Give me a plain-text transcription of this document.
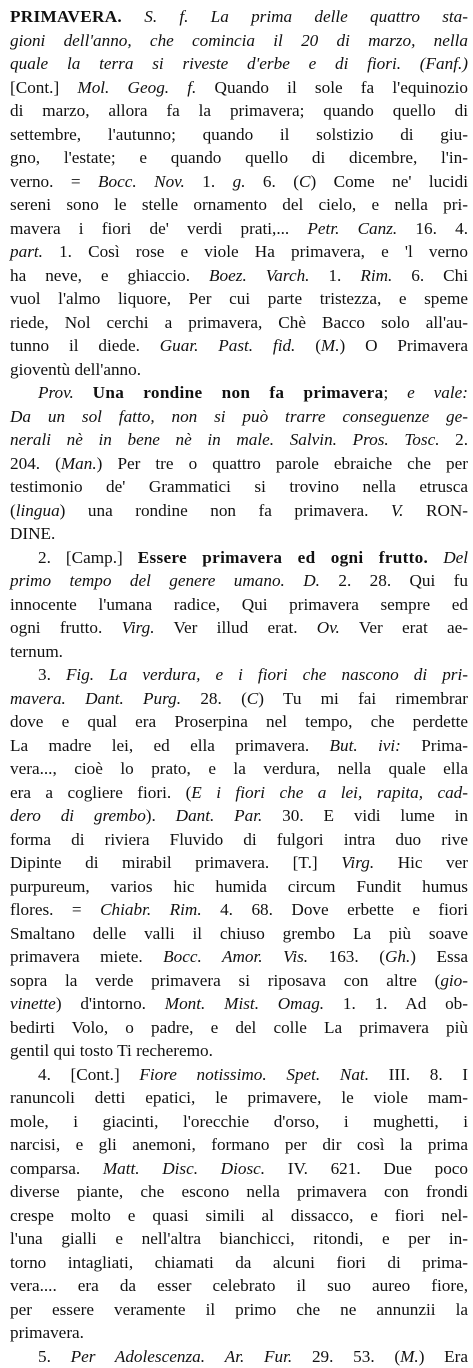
PRIMAVERA. S. f. La prima delle quattro sta-
gioni dell'anno, che comincia il 20 di marzo, nella
quale la terra si riveste d'erbe e di fiori. (Fanf.)
[Cont.] Mol. Geog. f. Quando il sole fa l'equinozio
di marzo, allora fa la primavera; quando quello di
settembre, l'autunno; quando il solstizio di giu-
gno, l'estate; e quando quello di dicembre, l'in-
verno. = Bocc. Nov. 1. g. 6. (C) Come ne' lucidi
sereni sono le stelle ornamento del cielo, e nella pri-
mavera i fiori de' verdi prati,... Petr. Canz. 16. 4.
part. 1. Così rose e viole Ha primavera, e 'l verno
ha neve, e ghiaccio. Boez. Varch. 1. Rim. 6. Chi
vuol l'almo liquore, Per cui parte tristezza, e speme
riede, Nol cerchi a primavera, Chè Bacco solo all'au-
tunno il diede. Guar. Past. fid. (M.) O Primavera
gioventù dell'anno.
Prov. Una rondine non fa primavera; e vale:
Da un sol fatto, non si può trarre conseguenze ge-
nerali nè in bene nè in male. Salvin. Pros. Tosc. 2.
204. (Man.) Per tre o quattro parole ebraiche che per
testimonio de' Grammatici si trovino nella etrusca
(lingua) una rondine non fa primavera. V. RON-
DINE.
2. [Camp.] Essere primavera ed ogni frutto. Del
primo tempo del genere umano. D. 2. 28. Qui fu
innocente l'umana radice, Qui primavera sempre ed
ogni frutto. Virg. Ver illud erat. Ov. Ver erat ae-
ternum.
3. Fig. La verdura, e i fiori che nascono di pri-
mavera. Dant. Purg. 28. (C) Tu mi fai rimembrar
dove e qual era Proserpina nel tempo, che perdette
La madre lei, ed ella primavera. But. ivi: Prima-
vera..., cioè lo prato, e la verdura, nella quale ella
era a cogliere fiori. (E i fiori che a lei, rapita, cad-
dero di grembo). Dant. Par. 30. E vidi lume in
forma di riviera Fluvido di fulgori intra duo rive
Dipinte di mirabil primavera. [T.] Virg. Hic ver
purpureum, varios hic humida circum Fundit humus
flores. = Chiabr. Rim. 4. 68. Dove erbette e fiori
Smaltano delle valli il chiuso grembo La più soave
primavera miete. Bocc. Amor. Vis. 163. (Gh.) Essa
sopra la verde primavera si riposava con altre (gio-
vinette) d'intorno. Mont. Mist. Omag. 1. 1. Ad ob-
bedirti Volo, o padre, e del colle La primavera più
gentil qui tosto Ti recheremo.
4. [Cont.] Fiore notissimo. Spet. Nat. III. 8. I
ranuncoli detti epatici, le primavere, le viole mam-
mole, i giacinti, l'orecchie d'orso, i mughetti, i
narcisi, e gli anemoni, formano per dir così la prima
comparsa. Matt. Disc. Diosc. IV. 621. Due poco
diverse piante, che escono nella primavera con frondi
crespe molto e quasi simili al dissacco, e fiori nel-
l'una gialli e nell'altra bianchicci, ritondi, e per in-
torno intagliati, chiamati da alcuni fiori di prima-
vera.... era da esser celebrato il suo aureo fiore,
per essere veramente il primo che ne annunzii la
primavera.
5. Per Adolescenza. Ar. Fur. 29. 53. (M.) Era
